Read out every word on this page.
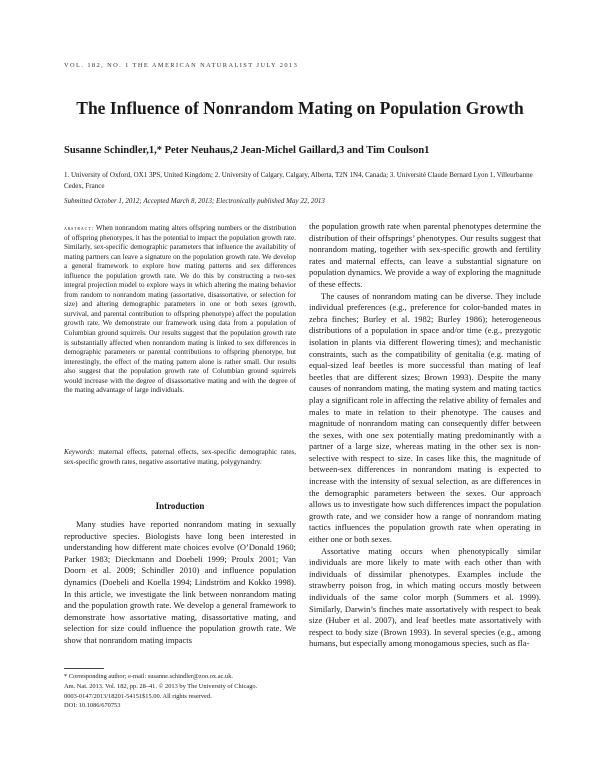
VOL. 182, NO. 1 THE AMERICAN NATURALIST JULY 2013
The Influence of Nonrandom Mating on Population Growth
Susanne Schindler,1,* Peter Neuhaus,2 Jean-Michel Gaillard,3 and Tim Coulson1
1. University of Oxford, OX1 3PS, United Kingdom; 2. University of Calgary, Calgary, Alberta, T2N 1N4, Canada; 3. Université Claude Bernard Lyon 1, Villeurbanne Cedex, France
Submitted October 1, 2012; Accepted March 8, 2013; Electronically published May 22, 2013
abstract: When nonrandom mating alters offspring numbers or the distribution of offspring phenotypes, it has the potential to impact the population growth rate. Similarly, sex-specific demographic parameters that influence the availability of mating partners can leave a signature on the population growth rate. We develop a general framework to explore how mating patterns and sex differences influence the population growth rate. We do this by constructing a two-sex integral projection model to explore ways in which altering the mating behavior from random to nonrandom mating (assortative, disassortative, or selection for size) and altering demographic parameters in one or both sexes (growth, survival, and parental contribution to offspring phenotype) affect the population growth rate. We demonstrate our framework using data from a population of Columbian ground squirrels. Our results suggest that the population growth rate is substantially affected when nonrandom mating is linked to sex differences in demographic parameters or parental contributions to offspring phenotype, but interestingly, the effect of the mating pattern alone is rather small. Our results also suggest that the population growth rate of Columbian ground squirrels would increase with the degree of disassortative mating and with the degree of the mating advantage of large individuals.
Keywords: maternal effects, paternal effects, sex-specific demographic rates, sex-specific growth rates, negative assortative mating, polygynandry.
Introduction

Many studies have reported nonrandom mating in sexually reproductive species. Biologists have long been interested in understanding how different mate choices evolve (O’Donald 1960; Parker 1983; Dieckmann and Doebeli 1999; Proulx 2001; Van Doorn et al. 2009; Schindler 2010) and influence population dynamics (Doebeli and Koella 1994; Lindström and Kokko 1998). In this article, we investigate the link between nonrandom mating and the population growth rate. We develop a general framework to demonstrate how assortative mating, disassortative mating, and selection for size could influence the population growth rate. We show that nonrandom mating impacts

the population growth rate when parental phenotypes determine the distribution of their offsprings’ phenotypes. Our results suggest that nonrandom mating, together with sex-specific growth and fertility rates and maternal effects, can leave a substantial signature on population dynamics. We provide a way of exploring the magnitude of these effects.

The causes of nonrandom mating can be diverse. They include individual preferences (e.g., preference for color-banded mates in zebra finches; Burley et al. 1982; Burley 1986); heterogeneous distributions of a population in space and/or time (e.g., prezygotic isolation in plants via different flowering times); and mechanistic constraints, such as the compatibility of genitalia (e.g. mating of equal-sized leaf beetles is more successful than mating of leaf beetles that are different sizes; Brown 1993). Despite the many causes of nonrandom mating, the mating system and mating tactics play a significant role in affecting the relative ability of females and males to mate in relation to their phenotype. The causes and magnitude of nonrandom mating can consequently differ between the sexes, with one sex potentially mating predominantly with a partner of a large size, whereas mating in the other sex is non-selective with respect to size. In cases like this, the magnitude of between-sex differences in nonrandom mating is expected to increase with the intensity of sexual selection, as are differences in the demographic parameters between the sexes. Our approach allows us to investigate how such differences impact the population growth rate, and we consider how a range of nonrandom mating tactics influences the population growth rate when operating in either one or both sexes.

Assortative mating occurs when phenotypically similar individuals are more likely to mate with each other than with individuals of dissimilar phenotypes. Examples include the strawberry poison frog, in which mating occurs mostly between individuals of the same color morph (Summers et al. 1999). Similarly, Darwin’s finches mate assortatively with respect to beak size (Huber et al. 2007), and leaf beetles mate assortatively with respect to body size (Brown 1993). In several species (e.g., among humans, but especially among monogamous species, such as fla-

* Corresponding author; e-mail: susanne.schindler@zoo.ox.ac.uk.
Am. Nat. 2013. Vol. 182, pp. 28–41. © 2013 by The University of Chicago.
0003-0147/2013/18201-54151$15.00. All rights reserved.
DOI: 10.1086/670753
